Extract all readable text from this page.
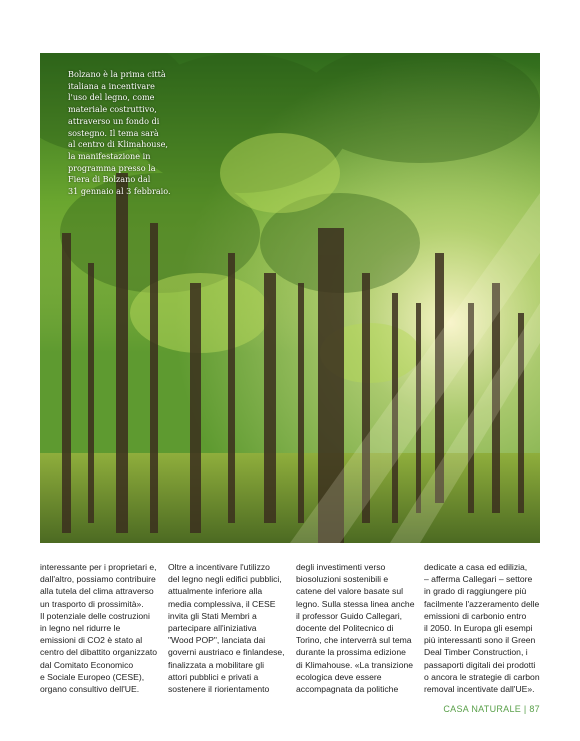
Bolzano è la prima città
italiana a incentivare
l'uso del legno, come
materiale costruttivo,
attraverso un fondo di
sostegno. Il tema sarà
al centro di Klimahouse,
la manifestazione in
programma presso la
Fiera di Bolzano dal
31 gennaio al 3 febbraio.

interessante per i proprietari e,
dall'altro, possiamo contribuire
alla tutela del clima attraverso
un trasporto di prossimità».
Il potenziale delle costruzioni
in legno nel ridurre le
emissioni di CO2 è stato al
centro del dibattito organizzato
dal Comitato Economico
e Sociale Europeo (CESE),
organo consultivo dell'UE.
Oltre a incentivare l'utilizzo
del legno negli edifici pubblici,
attualmente inferiore alla
media complessiva, il CESE
invita gli Stati Membri a
partecipare all'iniziativa
"Wood POP", lanciata dai
governi austriaco e finlandese,
finalizzata a mobilitare gli
attori pubblici e privati a
sostenere il riorientamento
degli investimenti verso
biosoluzioni sostenibili e
catene del valore basate sul
legno. Sulla stessa linea anche
il professor Guido Callegari,
docente del Politecnico di
Torino, che interverrà sul tema
durante la prossima edizione
di Klimahouse. «La transizione
ecologica deve essere
accompagnata da politiche
dedicate a casa ed edilizia,
– afferma Callegari – settore
in grado di raggiungere più
facilmente l'azzeramento delle
emissioni di carbonio entro
il 2050. In Europa gli esempi
più interessanti sono il Green
Deal Timber Construction, i
passaporti digitali dei prodotti
o ancora le strategie di carbon
removal incentivate dall'UE».
CASA NATURALE | 87
